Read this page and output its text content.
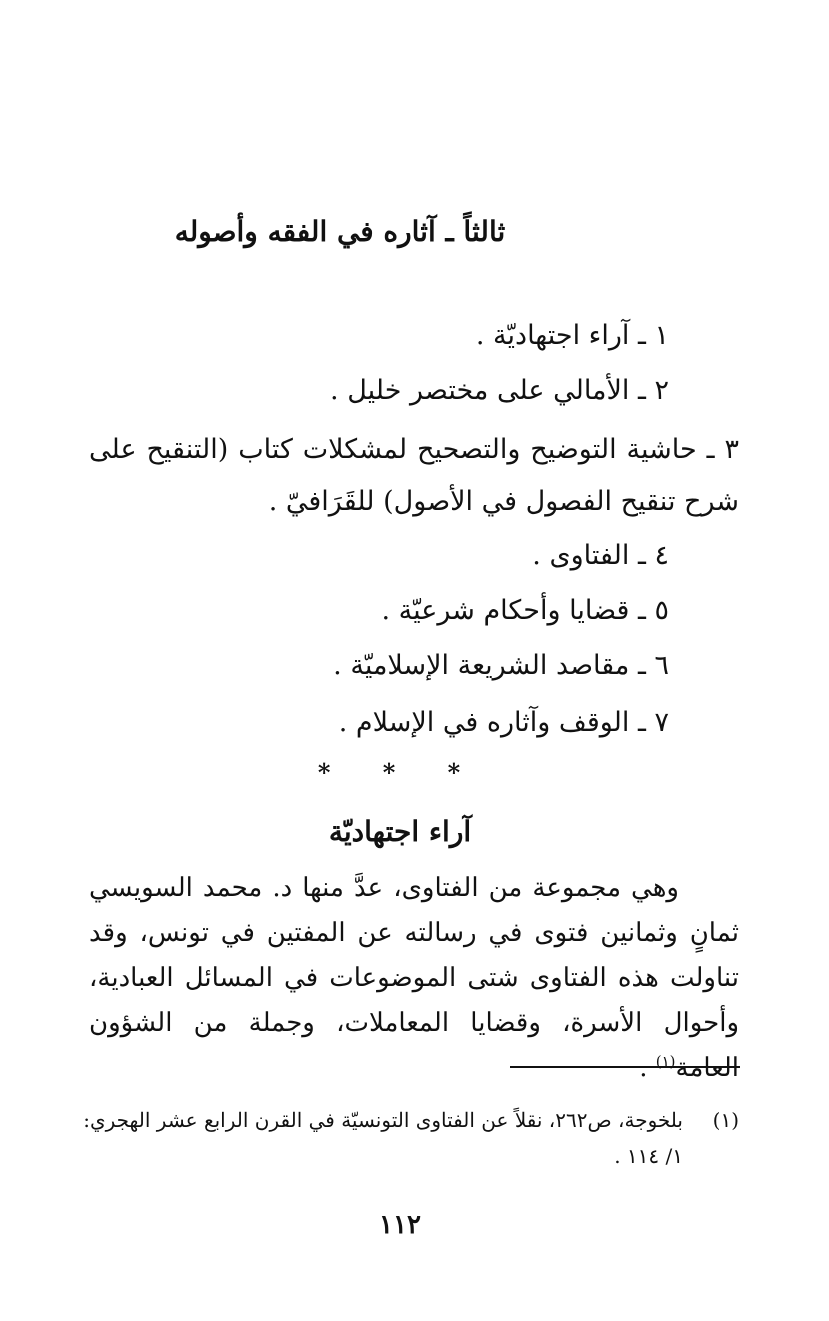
ثالثاً ـ آثاره في الفقه وأصوله
١ ـ آراء اجتهاديّة .
٢ ـ الأمالي على مختصر خليل .
٣ ـ حاشية التوضيح والتصحيح لمشكلات كتاب (التنقيح على شرح تنقيح الفصول في الأصول) للقَرَافيّ .
٤ ـ الفتاوى .
٥ ـ قضايا وأحكام شرعيّة .
٦ ـ مقاصد الشريعة الإسلاميّة .
٧ ـ الوقف وآثاره في الإسلام .
* * *
آراء اجتهاديّة

وهي مجموعة من الفتاوى، عدَّ منها د. محمد السويسي ثمانٍ وثمانين فتوى في رسالته عن المفتين في تونس، وقد تناولت هذه الفتاوى شتى الموضوعات في المسائل العبادية، وأحوال الأسرة، وقضايا المعاملات، وجملة من الشؤون العامة$^{(١)}$ .

(١)بلخوجة، ص٢٦٢، نقلاً عن الفتاوى التونسيّة في القرن الرابع عشر الهجري:
١/ ١١٤ .
١١٢
